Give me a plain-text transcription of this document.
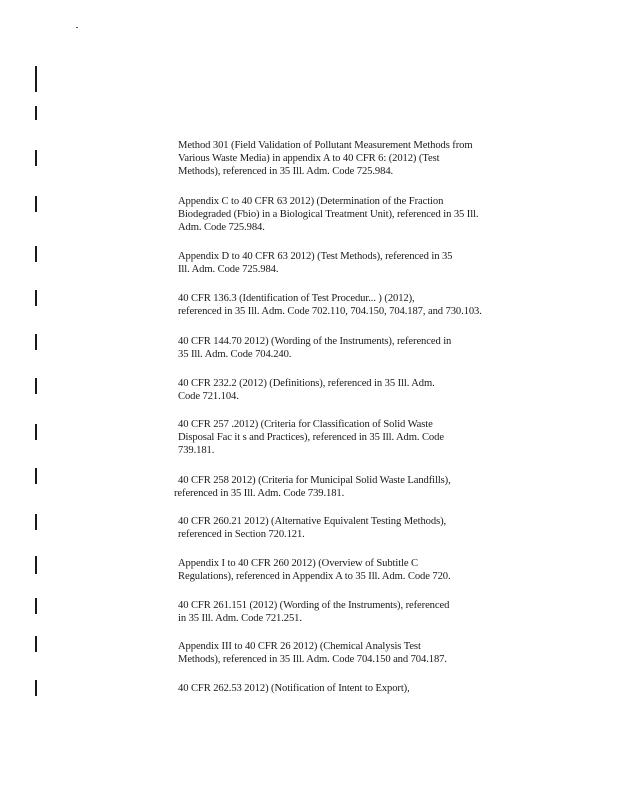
Method 301 (Field Validation of Pollutant Measurement Methods from
Various Waste Media) in appendix A to 40 CFR 6: (2012) (Test
Methods), referenced in 35 Ill. Adm. Code 725.984.

Appendix C to 40 CFR 63 2012) (Determination of the Fraction
Biodegraded (Fbio) in a Biological Treatment Unit), referenced in 35 Ill.
Adm. Code 725.984.

Appendix D to 40 CFR 63 2012) (Test Methods), referenced in 35
Ill. Adm. Code 725.984.

40 CFR 136.3 (Identification of Test Procedur... ) (2012),
referenced in 35 Ill. Adm. Code 702.110, 704.150, 704.187, and 730.103.

40 CFR 144.70 2012) (Wording of the Instruments), referenced in
35 Ill. Adm. Code 704.240.

40 CFR 232.2 (2012) (Definitions), referenced in 35 Ill. Adm.
Code 721.104.

40 CFR 257 .2012) (Criteria for Classification of Solid Waste
Disposal Fac it s and Practices), referenced in 35 Ill. Adm. Code
739.181.

40 CFR 258 2012) (Criteria for Municipal Solid Waste Landfills),
referenced in 35 Ill. Adm. Code 739.181.

40 CFR 260.21 2012) (Alternative Equivalent Testing Methods),
referenced in Section 720.121.

Appendix I to 40 CFR 260 2012) (Overview of Subtitle C
Regulations), referenced in Appendix A to 35 Ill. Adm. Code 720.

40 CFR 261.151 (2012) (Wording of the Instruments), referenced
in 35 Ill. Adm. Code 721.251.

Appendix III to 40 CFR 26 2012) (Chemical Analysis Test
Methods), referenced in 35 Ill. Adm. Code 704.150 and 704.187.

40 CFR 262.53 2012) (Notification of Intent to Export),
